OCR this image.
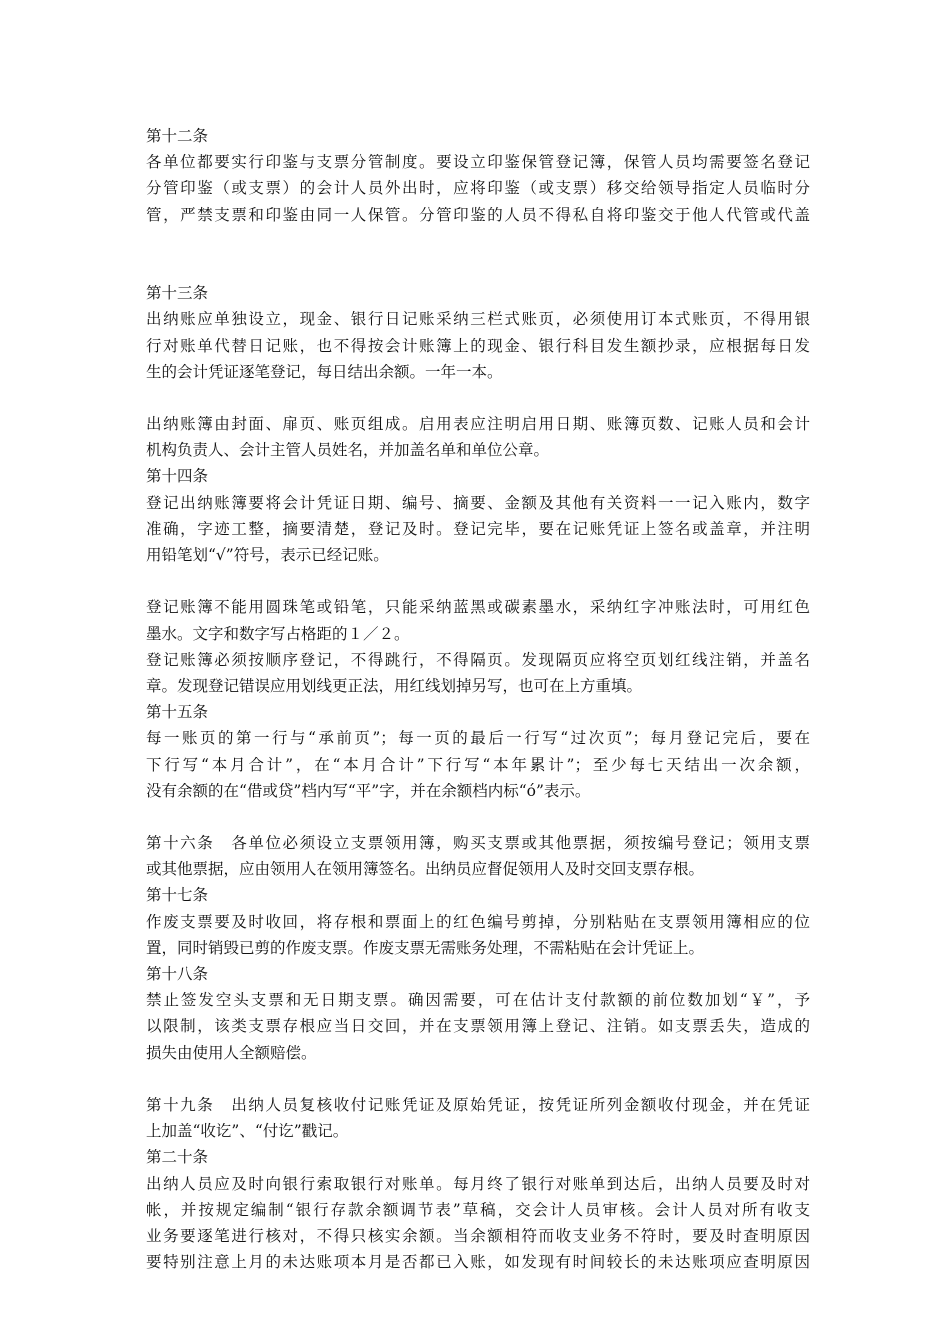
第十二条
各单位都要实行印鉴与支票分管制度。要设立印鉴保管登记簿，保管人员均需要签名登记
分管印鉴（或支票）的会计人员外出时，应将印鉴（或支票）移交给领导指定人员临时分
管，严禁支票和印鉴由同一人保管。分管印鉴的人员不得私自将印鉴交于他人代管或代盖
第十三条
出纳账应单独设立，现金、银行日记账采纳三栏式账页，必须使用订本式账页，不得用银
行对账单代替日记账，也不得按会计账簿上的现金、银行科目发生额抄录，应根据每日发
生的会计凭证逐笔登记，每日结出余额。一年一本。
出纳账簿由封面、扉页、账页组成。启用表应注明启用日期、账簿页数、记账人员和会计
机构负责人、会计主管人员姓名，并加盖名单和单位公章。
第十四条
登记出纳账簿要将会计凭证日期、编号、摘要、金额及其他有关资料一一记入账内，数字
准确，字迹工整，摘要清楚，登记及时。登记完毕，要在记账凭证上签名或盖章，并注明
用铅笔划“√”符号，表示已经记账。
登记账簿不能用圆珠笔或铅笔，只能采纳蓝黑或碳素墨水，采纳红字冲账法时，可用红色
墨水。文字和数字写占格距的１／２。
登记账簿必须按顺序登记，不得跳行，不得隔页。发现隔页应将空页划红线注销，并盖名
章。发现登记错误应用划线更正法，用红线划掉另写，也可在上方重填。
第十五条
每一账页的第一行与“承前页”；每一页的最后一行写“过次页”；每月登记完后，要在
下行写“本月合计”，在“本月合计”下行写“本年累计”；至少每七天结出一次余额，
没有余额的在“借或贷”档内写“平”字，并在余额档内标“ó”表示。
第十六条　各单位必须设立支票领用簿，购买支票或其他票据，须按编号登记；领用支票
或其他票据，应由领用人在领用簿签名。出纳员应督促领用人及时交回支票存根。
第十七条
作废支票要及时收回，将存根和票面上的红色编号剪掉，分别粘贴在支票领用簿相应的位
置，同时销毁已剪的作废支票。作废支票无需账务处理，不需粘贴在会计凭证上。
第十八条
禁止签发空头支票和无日期支票。确因需要，可在估计支付款额的前位数加划“￥”，予
以限制，该类支票存根应当日交回，并在支票领用簿上登记、注销。如支票丢失，造成的
损失由使用人全额赔偿。
第十九条　出纳人员复核收付记账凭证及原始凭证，按凭证所列金额收付现金，并在凭证
上加盖“收讫”、“付讫”戳记。
第二十条
出纳人员应及时向银行索取银行对账单。每月终了银行对账单到达后，出纳人员要及时对
帐，并按规定编制“银行存款余额调节表”草稿，交会计人员审核。会计人员对所有收支
业务要逐笔进行核对，不得只核实余额。当余额相符而收支业务不符时，要及时查明原因
要特别注意上月的未达账项本月是否都已入账，如发现有时间较长的未达账项应查明原因
